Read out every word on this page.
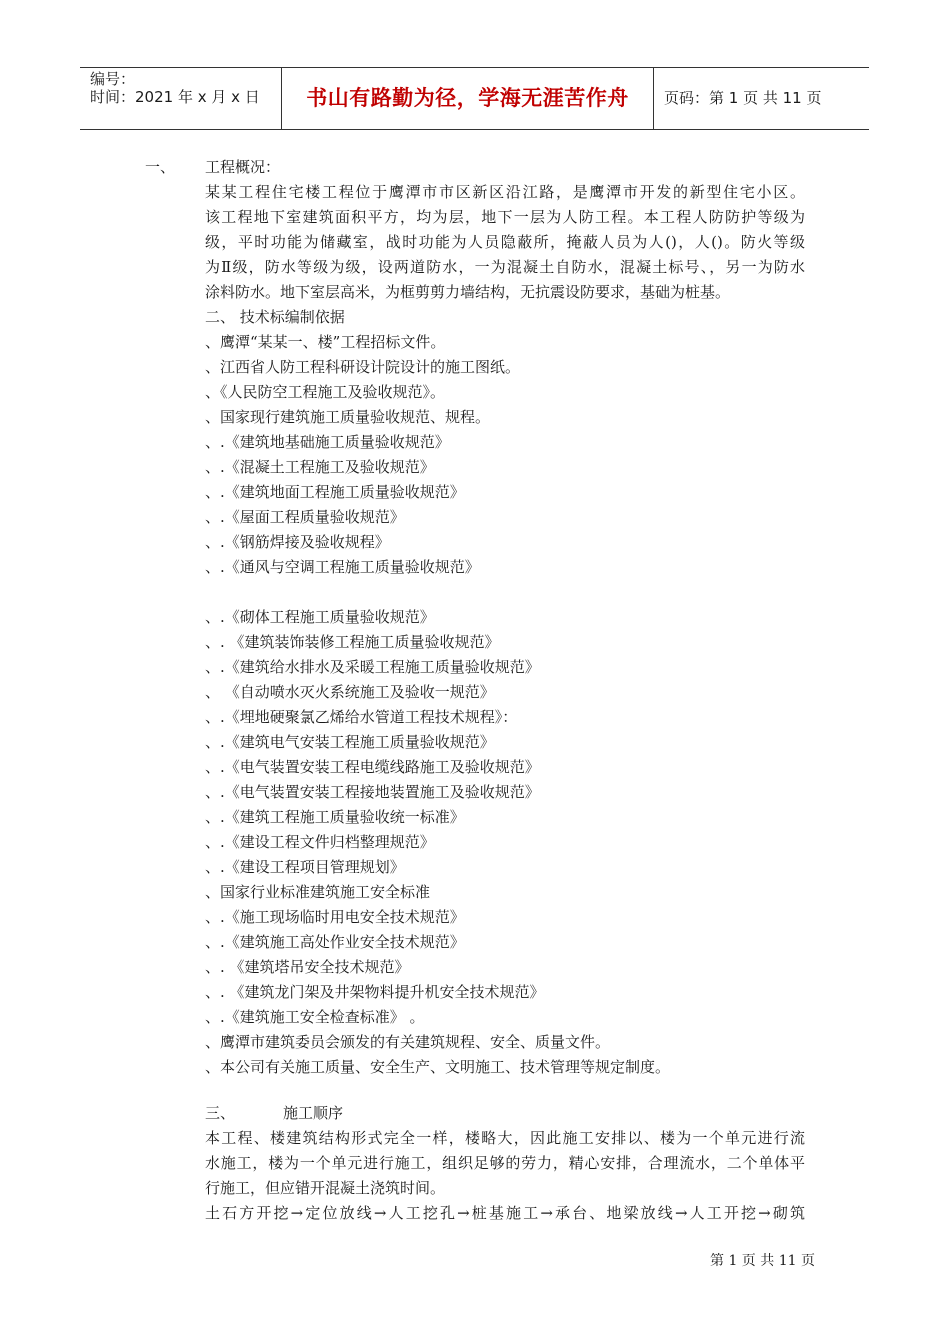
编号：
时间：2021 年 x 月 x 日	书山有路勤为径，学海无涯苦作舟	页码：第 1 页 共 11 页
一、 工程概况：
某某工程住宅楼工程位于鹰潭市市区新区沿江路，是鹰潭市开发的新型住宅小区。
该工程地下室建筑面积平方，均为层，地下一层为人防工程。本工程人防防护等级为
级，平时功能为储藏室，战时功能为人员隐蔽所，掩蔽人员为人()，人()。防火等级
为Ⅱ级，防水等级为级，设两道防水，一为混凝土自防水，混凝土标号、，另一为防水
涂料防水。地下室层高米，为框剪剪力墙结构，无抗震设防要求，基础为桩基。
二、 技术标编制依据
、鹰潭“某某一、楼”工程招标文件。
、江西省人防工程科研设计院设计的施工图纸。
、《人民防空工程施工及验收规范》。
、国家现行建筑施工质量验收规范、规程。
、.《建筑地基础施工质量验收规范》
、.《混凝土工程施工及验收规范》
、.《建筑地面工程施工质量验收规范》
、.《屋面工程质量验收规范》
、.《钢筋焊接及验收规程》
、.《通风与空调工程施工质量验收规范》
、.《砌体工程施工质量验收规范》
、. 《建筑装饰装修工程施工质量验收规范》
、.《建筑给水排水及采暖工程施工质量验收规范》
、 《自动喷水灭火系统施工及验收一规范》
、.《埋地硬聚氯乙烯给水管道工程技术规程》：
、.《建筑电气安装工程施工质量验收规范》
、.《电气装置安装工程电缆线路施工及验收规范》
、.《电气装置安装工程接地装置施工及验收规范》
、.《建筑工程施工质量验收统一标准》
、.《建设工程文件归档整理规范》
、.《建设工程项目管理规划》
、国家行业标准建筑施工安全标准
、.《施工现场临时用电安全技术规范》
、.《建筑施工高处作业安全技术规范》
、. 《建筑塔吊安全技术规范》
、. 《建筑龙门架及井架物料提升机安全技术规范》
、.《建筑施工安全检查标准》 。
、鹰潭市建筑委员会颁发的有关建筑规程、安全、质量文件。
、本公司有关施工质量、安全生产、文明施工、技术管理等规定制度。
三、	施工顺序
本工程、楼建筑结构形式完全一样，楼略大，因此施工安排以、楼为一个单元进行流
水施工，楼为一个单元进行施工，组织足够的劳力，精心安排，合理流水，二个单体平
行施工，但应错开混凝土浇筑时间。
土石方开挖→定位放线→人工挖孔→桩基施工→承台、地梁放线→人工开挖→砌筑
第 1 页 共 11 页
